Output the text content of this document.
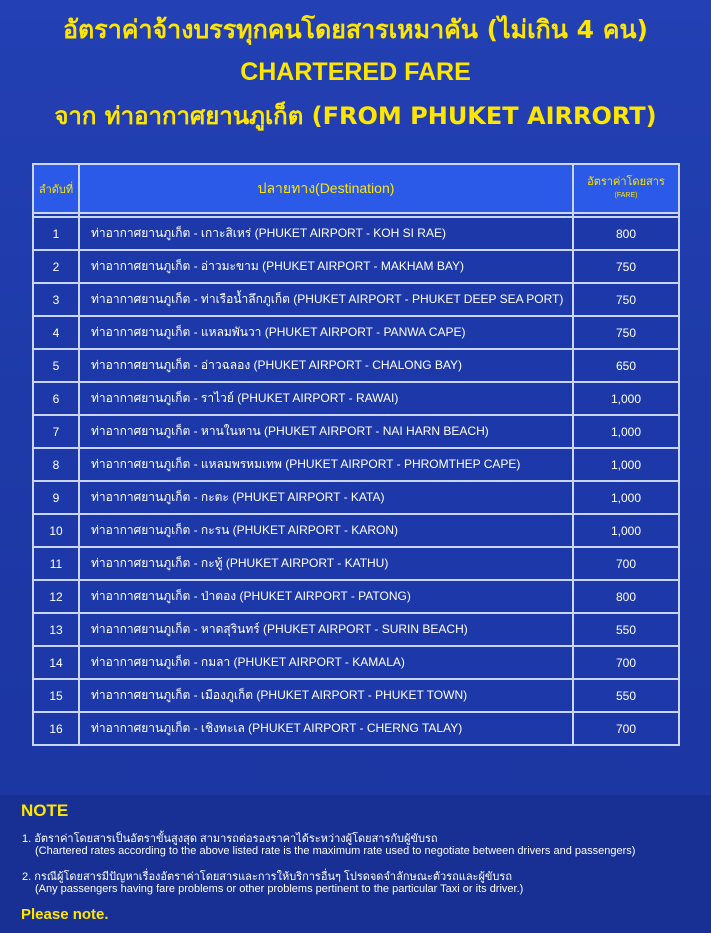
อัตราค่าจ้างบรรทุกคนโดยสารเหมาคัน (ไม่เกิน 4 คน)
CHARTERED FARE
จาก ท่าอากาศยานภูเก็ต (FROM PHUKET AIRRORT)
ลำดับที่	ปลายทาง(Destination)	อัตราค่าโดยสาร
(FARE)

1	ท่าอากาศยานภูเก็ต - เกาะสิเหร่ (PHUKET AIRPORT - KOH SI RAE)	800
2	ท่าอากาศยานภูเก็ต - อ่าวมะขาม (PHUKET AIRPORT - MAKHAM BAY)	750
3	ท่าอากาศยานภูเก็ต - ท่าเรือน้ำลึกภูเก็ต (PHUKET AIRPORT - PHUKET DEEP SEA PORT)	750
4	ท่าอากาศยานภูเก็ต - แหลมพันวา (PHUKET AIRPORT - PANWA CAPE)	750
5	ท่าอากาศยานภูเก็ต - อ่าวฉลอง (PHUKET AIRPORT - CHALONG BAY)	650
6	ท่าอากาศยานภูเก็ต - ราไวย์ (PHUKET AIRPORT - RAWAI)	1,000
7	ท่าอากาศยานภูเก็ต - หานในหาน (PHUKET AIRPORT - NAI HARN BEACH)	1,000
8	ท่าอากาศยานภูเก็ต - แหลมพรหมเทพ (PHUKET AIRPORT - PHROMTHEP CAPE)	1,000
9	ท่าอากาศยานภูเก็ต - กะตะ (PHUKET AIRPORT - KATA)	1,000
10	ท่าอากาศยานภูเก็ต - กะรน (PHUKET AIRPORT - KARON)	1,000
11	ท่าอากาศยานภูเก็ต - กะทู้ (PHUKET AIRPORT - KATHU)	700
12	ท่าอากาศยานภูเก็ต - ป่าตอง (PHUKET AIRPORT - PATONG)	800
13	ท่าอากาศยานภูเก็ต - หาดสุรินทร์ (PHUKET AIRPORT - SURIN BEACH)	550
14	ท่าอากาศยานภูเก็ต - กมลา (PHUKET AIRPORT - KAMALA)	700
15	ท่าอากาศยานภูเก็ต - เมืองภูเก็ต (PHUKET AIRPORT - PHUKET TOWN)	550
16	ท่าอากาศยานภูเก็ต - เชิงทะเล (PHUKET AIRPORT - CHERNG TALAY)	700
NOTE
1. อัตราค่าโดยสารเป็นอัตราขั้นสูงสุด สามารถต่อรองราคาได้ระหว่างผู้โดยสารกับผู้ขับรถ
(Chartered rates according to the above listed rate is the maximum rate used to negotiate between drivers and passengers)
2. กรณีผู้โดยสารมีปัญหาเรื่องอัตราค่าโดยสารและการให้บริการอื่นๆ โปรดจดจำลักษณะตัวรถและผู้ขับรถ
(Any passengers having fare problems or other problems pertinent to the particular Taxi or its driver.)
Please note.
